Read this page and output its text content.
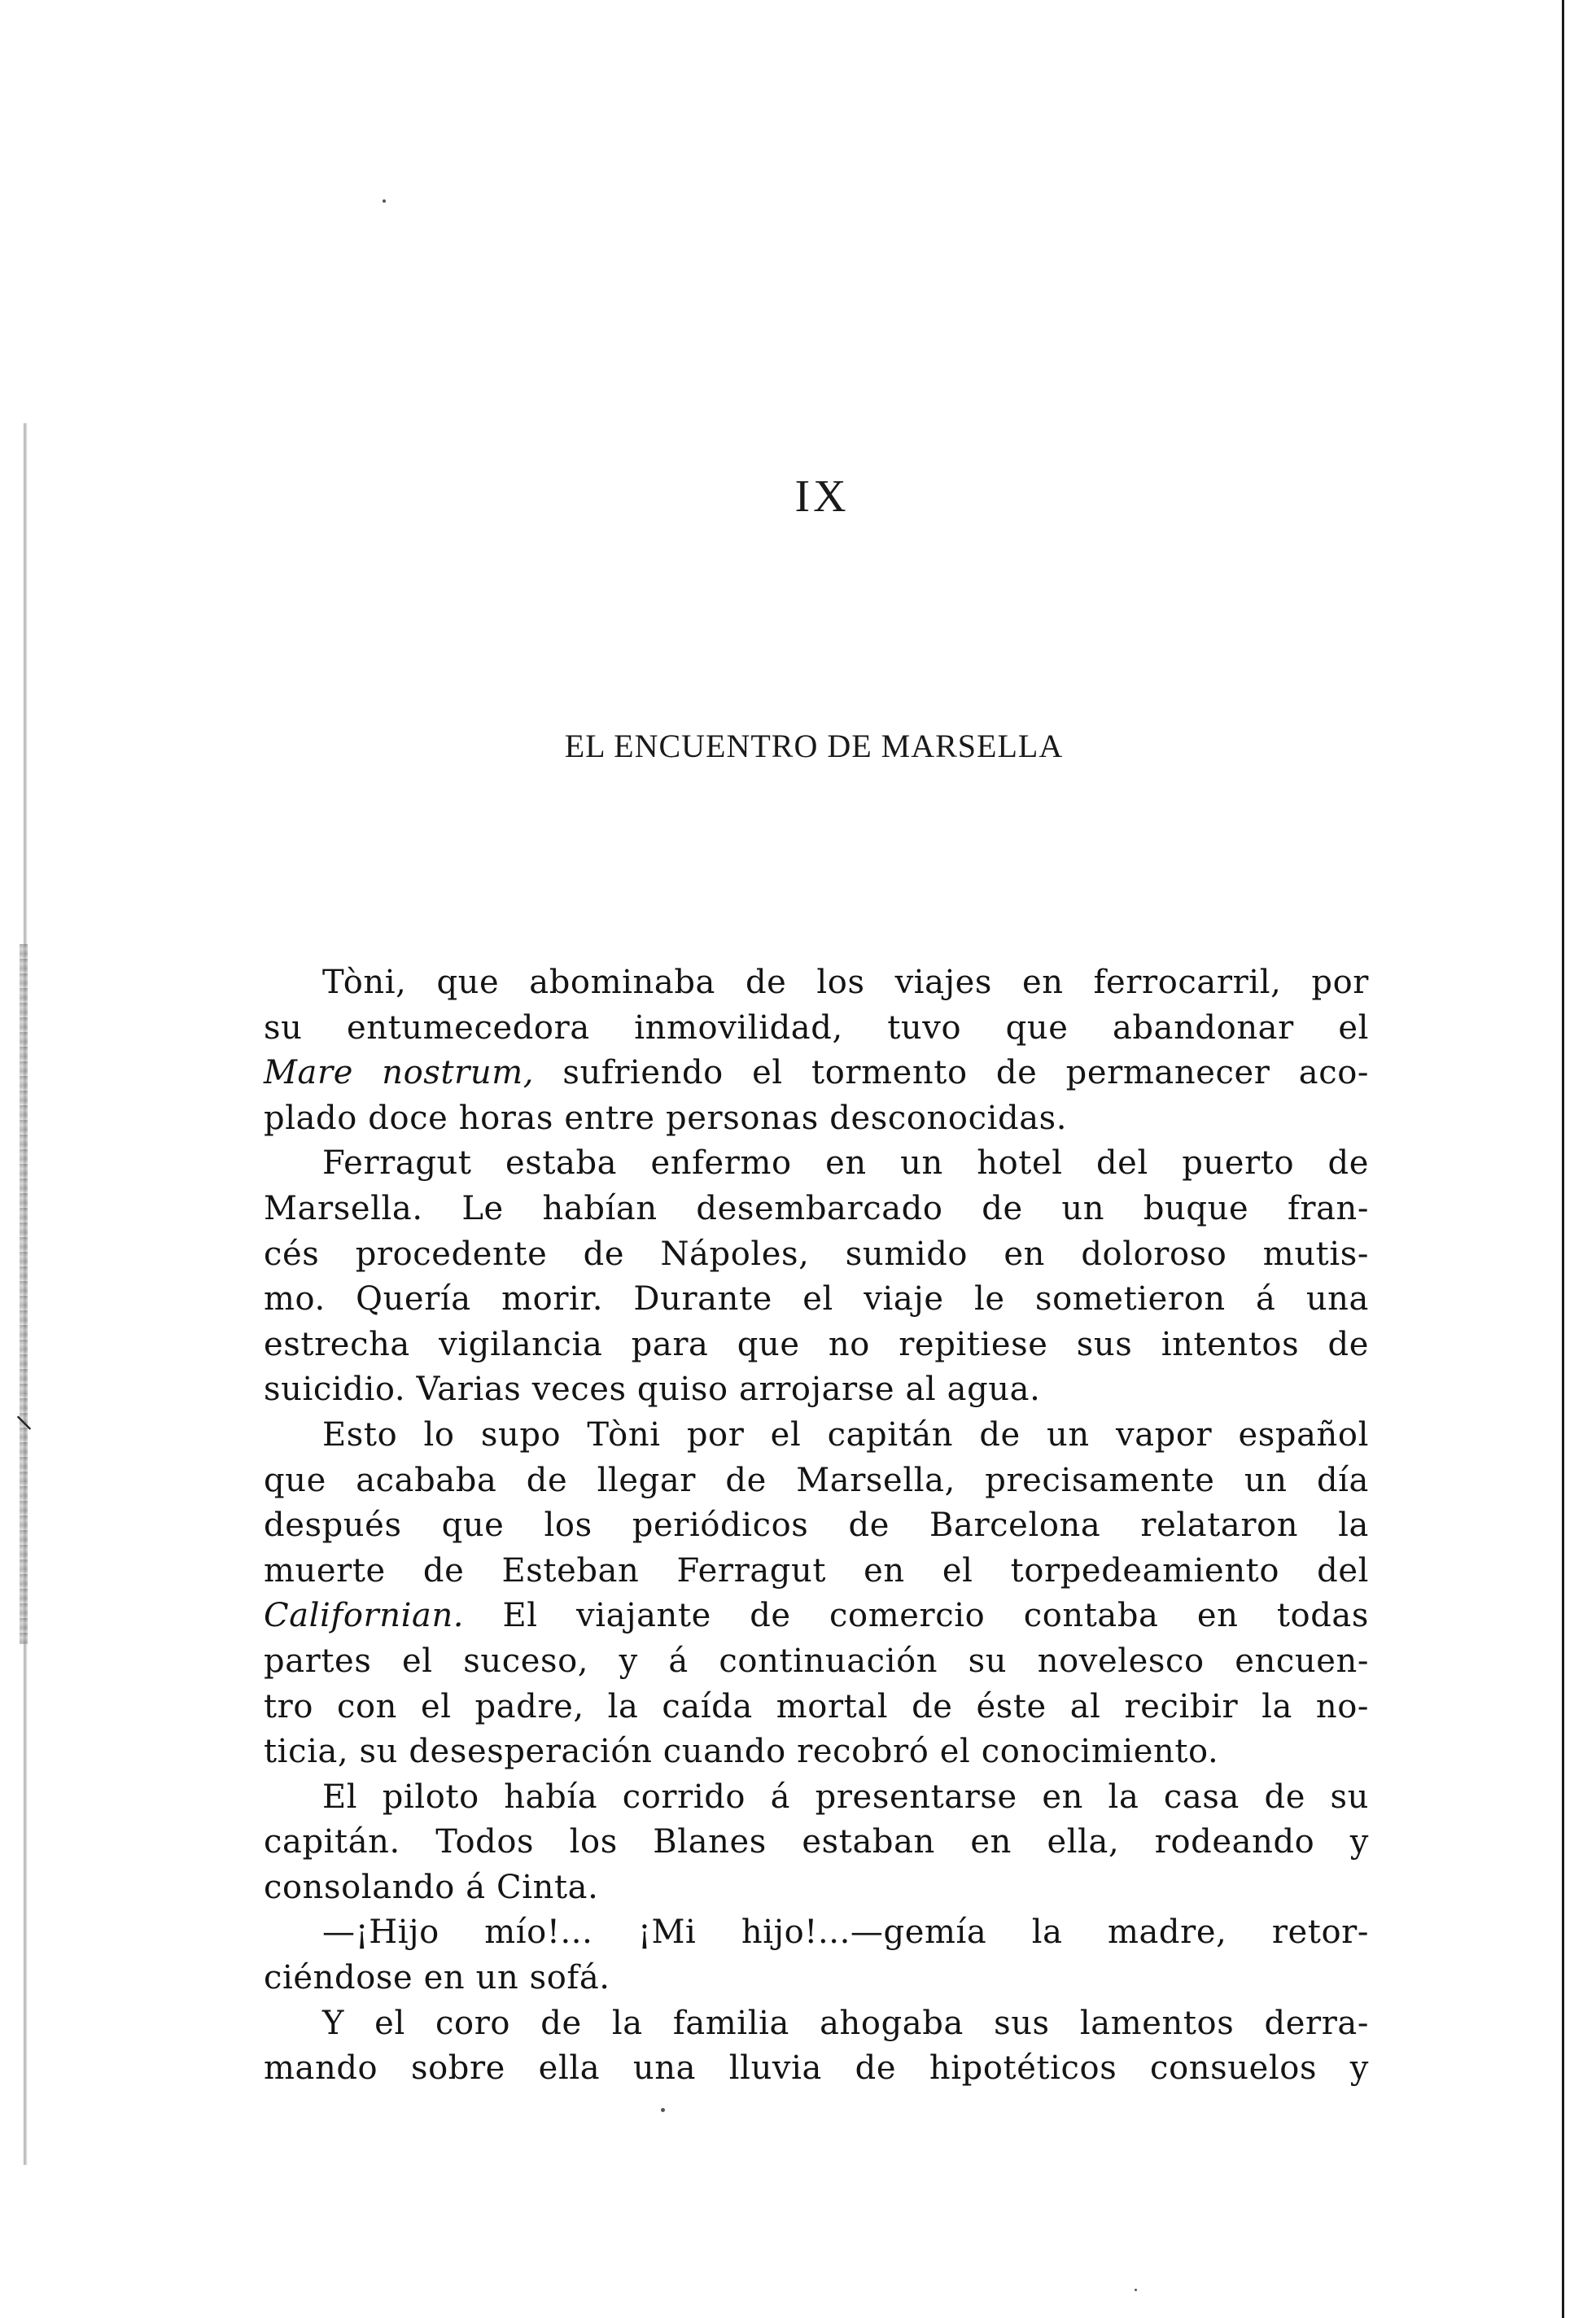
⸜
IX
EL ENCUENTRO DE MARSELLA
Tòni, que abominaba de los viajes en ferrocarril, por
su entumecedora inmovilidad, tuvo que abandonar el
Mare nostrum, sufriendo el tormento de permanecer aco-
plado doce horas entre personas desconocidas.
Ferragut estaba enfermo en un hotel del puerto de
Marsella. Le habían desembarcado de un buque fran-
cés procedente de Nápoles, sumido en doloroso mutis-
mo. Quería morir. Durante el viaje le sometieron á una
estrecha vigilancia para que no repitiese sus intentos de
suicidio. Varias veces quiso arrojarse al agua.
Esto lo supo Tòni por el capitán de un vapor español
que acababa de llegar de Marsella, precisamente un día
después que los periódicos de Barcelona relataron la
muerte de Esteban Ferragut en el torpedeamiento del
Californian. El viajante de comercio contaba en todas
partes el suceso, y á continuación su novelesco encuen-
tro con el padre, la caída mortal de éste al recibir la no-
ticia, su desesperación cuando recobró el conocimiento.
El piloto había corrido á presentarse en la casa de su
capitán. Todos los Blanes estaban en ella, rodeando y
consolando á Cinta.
—¡Hijo mío!... ¡Mi hijo!...—gemía la madre, retor-
ciéndose en un sofá.
Y el coro de la familia ahogaba sus lamentos derra-
mando sobre ella una lluvia de hipotéticos consuelos y
